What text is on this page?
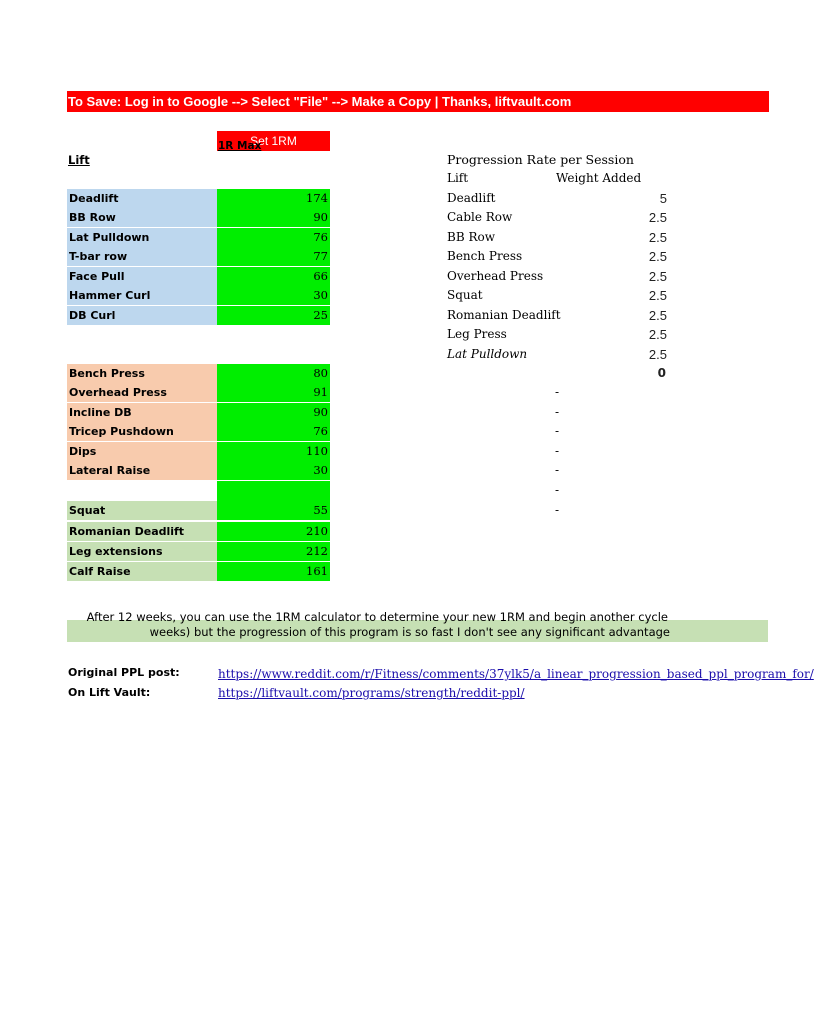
To Save: Log in to Google --> Select "File" --> Make a Copy | Thanks, liftvault.com
Set 1RM
1R Max
Lift
Deadlift	174
BB Row	90
Lat Pulldown	76
T-bar row	77
Face Pull	66
Hammer Curl	30
DB Curl	25
Bench Press	80
Overhead Press	91
Incline DB	90
Tricep Pushdown	76
Dips	110
Lateral Raise	30
Squat	55
Romanian Deadlift	210
Leg extensions	212
Calf Raise	161
Progression Rate per Session
Lift	Weight Added
Deadlift	5
Cable Row	2.5
BB Row	2.5
Bench Press	2.5
Overhead Press	2.5
Squat	2.5
Romanian Deadlift	2.5
Leg Press	2.5
Lat Pulldown	2.5
0
-
-
-
-
-
-
-
After 12 weeks, you can use the 1RM calculator to determine your new 1RM and begin another cycle
weeks) but the progression of this program is so fast I don't see any significant advantage
Original PPL post:	https://www.reddit.com/r/Fitness/comments/37ylk5/a_linear_progression_based_ppl_program_for/
On Lift Vault:	https://liftvault.com/programs/strength/reddit-ppl/
